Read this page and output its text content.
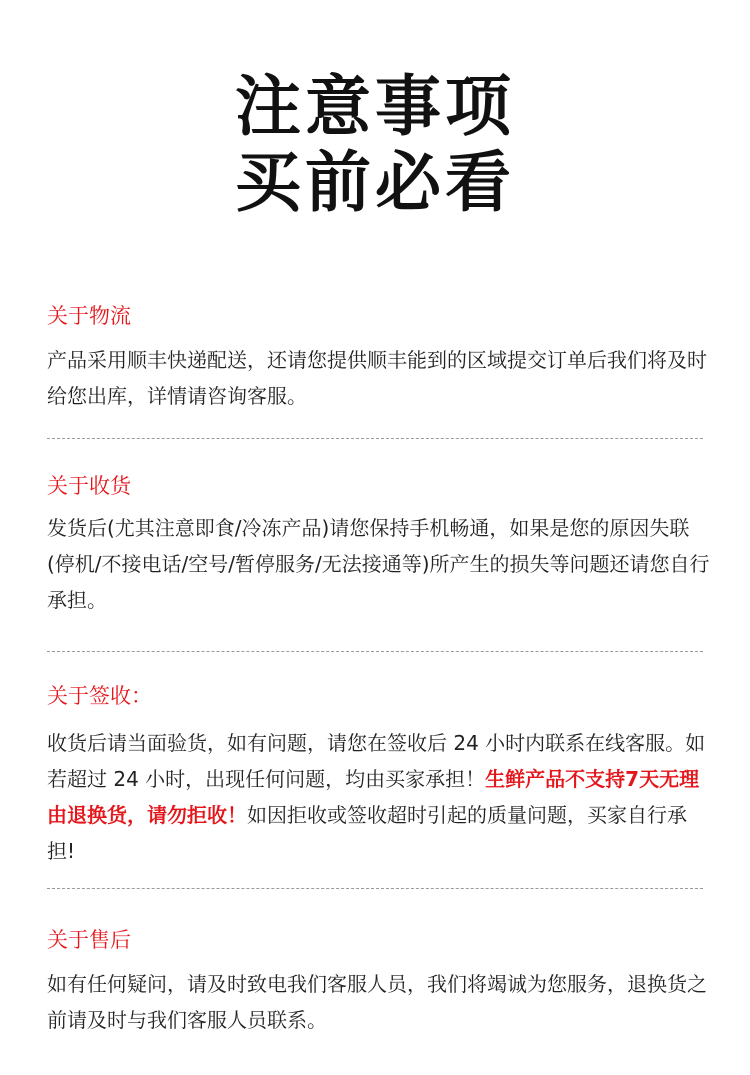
注意事项
买前必看
关于物流

产品采用顺丰快递配送，还请您提供顺丰能到的区域提交订单后我们将及时给您出库，详情请咨询客服。

关于收货

发货后(尤其注意即食/冷冻产品)请您保持手机畅通，如果是您的原因失联(停机/不接电话/空号/暂停服务/无法接通等)所产生的损失等问题还请您自行承担。

关于签收：

收货后请当面验货，如有问题，请您在签收后 24 小时内联系在线客服。如若超过 24 小时，出现任何问题，均由买家承担！生鲜产品不支持7天无理由退换货，请勿拒收！如因拒收或签收超时引起的质量问题，买家自行承担!

关于售后

如有任何疑问，请及时致电我们客服人员，我们将竭诚为您服务，退换货之前请及时与我们客服人员联系。
